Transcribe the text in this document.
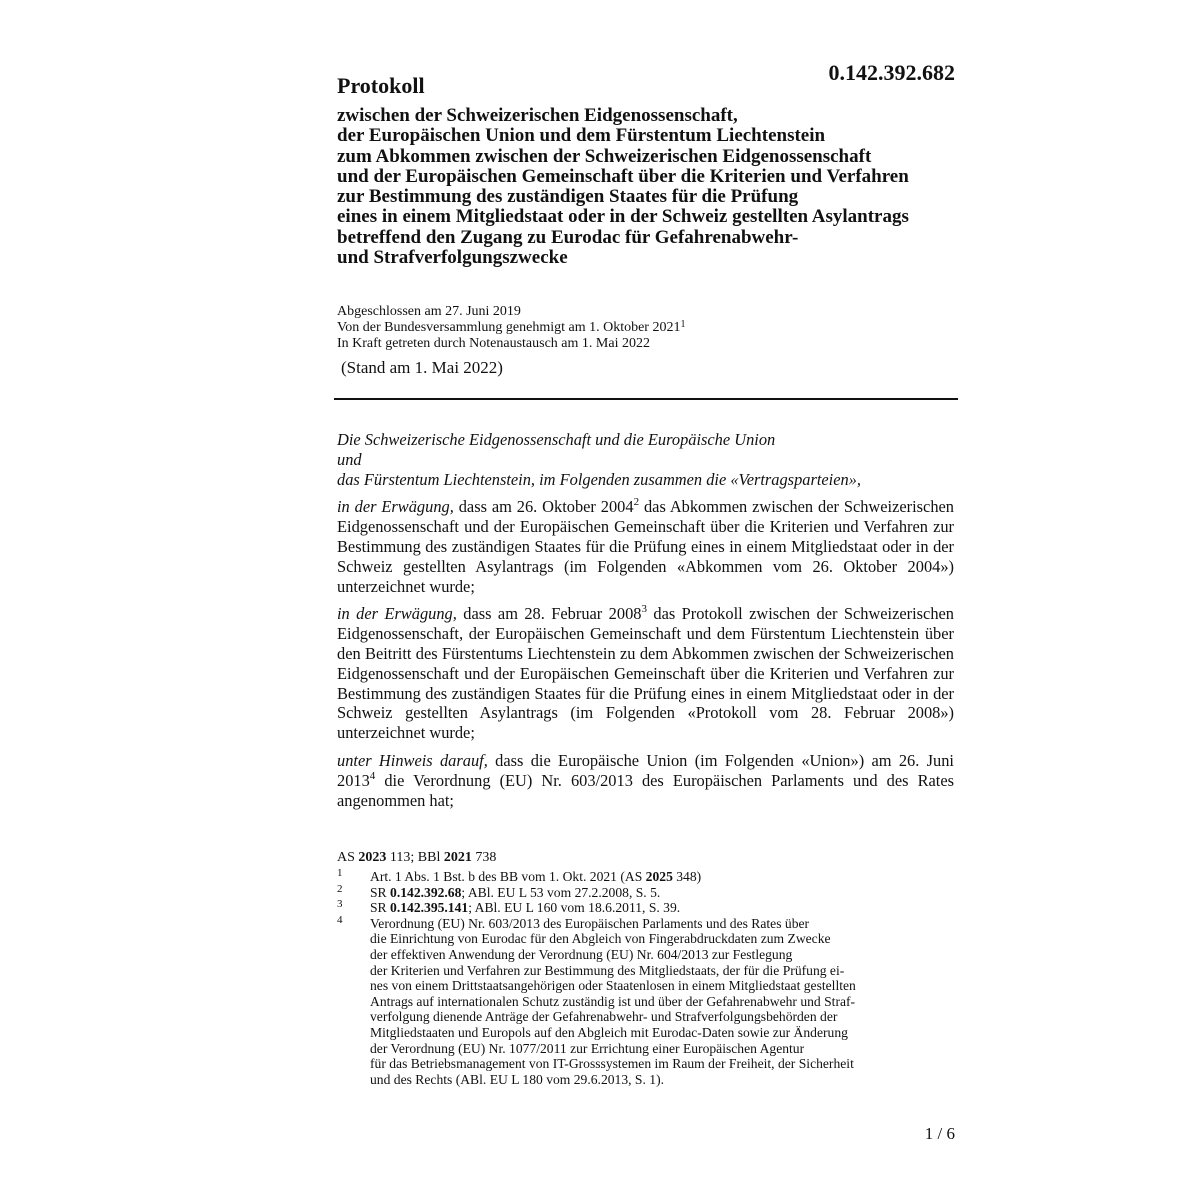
0.142.392.682
Protokoll
zwischen der Schweizerischen Eidgenossenschaft,
der Europäischen Union und dem Fürstentum Liechtenstein
zum Abkommen zwischen der Schweizerischen Eidgenossenschaft
und der Europäischen Gemeinschaft über die Kriterien und Verfahren
zur Bestimmung des zuständigen Staates für die Prüfung
eines in einem Mitgliedstaat oder in der Schweiz gestellten Asylantrags
betreffend den Zugang zu Eurodac für Gefahrenabwehr-
und Strafverfolgungszwecke
Abgeschlossen am 27. Juni 2019
Von der Bundesversammlung genehmigt am 1. Oktober 2021$^1$
In Kraft getreten durch Notenaustausch am 1. Mai 2022
(Stand am 1. Mai 2022)
Die Schweizerische Eidgenossenschaft und die Europäische Union
und
das Fürstentum Liechtenstein, im Folgenden zusammen die «Vertragsparteien»,
in der Erwägung, dass am 26. Oktober 2004$^2$ das Abkommen zwischen der Schweizerischen Eidgenossenschaft und der Europäischen Gemeinschaft über die Kriterien und Verfahren zur Bestimmung des zuständigen Staates für die Prüfung eines in einem Mitgliedstaat oder in der Schweiz gestellten Asylantrags (im Folgenden «Abkommen vom 26. Oktober 2004») unterzeichnet wurde;
in der Erwägung, dass am 28. Februar 2008$^3$ das Protokoll zwischen der Schweizerischen Eidgenossenschaft, der Europäischen Gemeinschaft und dem Fürstentum Liechtenstein über den Beitritt des Fürstentums Liechtenstein zu dem Abkommen zwischen der Schweizerischen Eidgenossenschaft und der Europäischen Gemeinschaft über die Kriterien und Verfahren zur Bestimmung des zuständigen Staates für die Prüfung eines in einem Mitgliedstaat oder in der Schweiz gestellten Asylantrags (im Folgenden «Protokoll vom 28. Februar 2008») unterzeichnet wurde;
unter Hinweis darauf, dass die Europäische Union (im Folgenden «Union») am 26. Juni 2013$^4$ die Verordnung (EU) Nr. 603/2013 des Europäischen Parlaments und des Rates angenommen hat;
AS 2023 113; BBl 2021 738
1 Art. 1 Abs. 1 Bst. b des BB vom 1. Okt. 2021 (AS 2025 348)
2 SR 0.142.392.68; ABl. EU L 53 vom 27.2.2008, S. 5.
3 SR 0.142.395.141; ABl. EU L 160 vom 18.6.2011, S. 39.
4 Verordnung (EU) Nr. 603/2013 des Europäischen Parlaments und des Rates über
die Einrichtung von Eurodac für den Abgleich von Fingerabdruckdaten zum Zwecke
der effektiven Anwendung der Verordnung (EU) Nr. 604/2013 zur Festlegung
der Kriterien und Verfahren zur Bestimmung des Mitgliedstaats, der für die Prüfung ei-
nes von einem Drittstaatsangehörigen oder Staatenlosen in einem Mitgliedstaat gestellten
Antrags auf internationalen Schutz zuständig ist und über der Gefahrenabwehr und Straf-
verfolgung dienende Anträge der Gefahrenabwehr- und Strafverfolgungsbehörden der
Mitgliedstaaten und Europols auf den Abgleich mit Eurodac-Daten sowie zur Änderung
der Verordnung (EU) Nr. 1077/2011 zur Errichtung einer Europäischen Agentur
für das Betriebsmanagement von IT-Grosssystemen im Raum der Freiheit, der Sicherheit
und des Rechts (ABl. EU L 180 vom 29.6.2013, S. 1).
1 / 6
